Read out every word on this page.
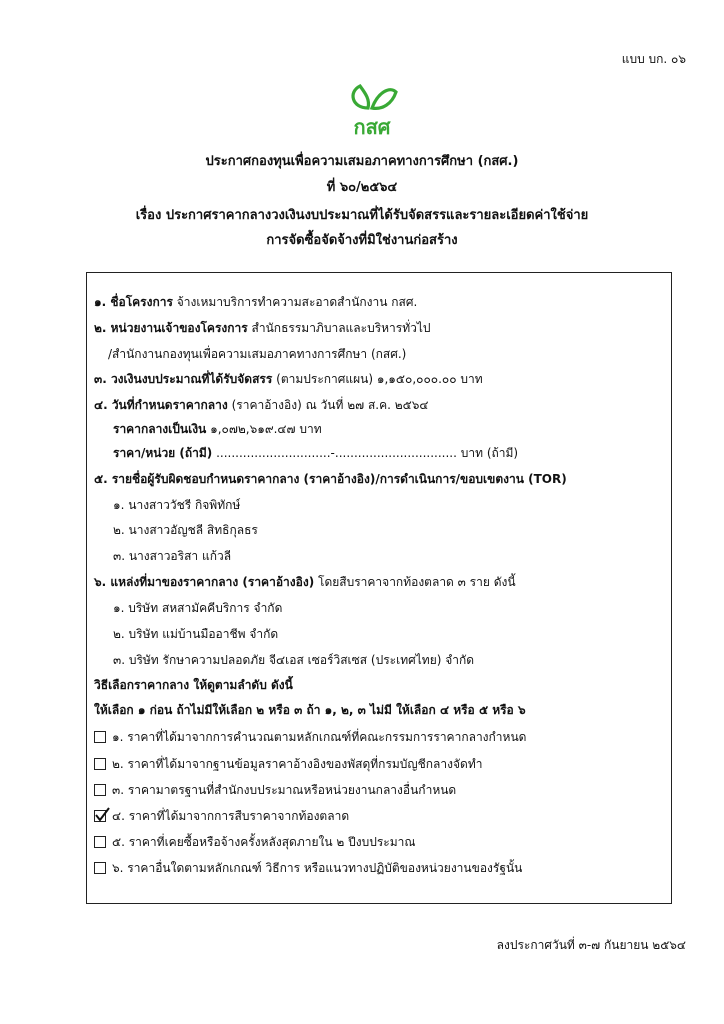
แบบ บก. ๐๖
กสศ
ประกาศกองทุนเพื่อความเสมอภาคทางการศึกษา (กสศ.)
ที่ ๖๐/๒๕๖๔
เรื่อง ประกาศราคากลางวงเงินงบประมาณที่ได้รับจัดสรรและรายละเอียดค่าใช้จ่าย
การจัดซื้อจัดจ้างที่มิใช่งานก่อสร้าง
๑. ชื่อโครงการ จ้างเหมาบริการทำความสะอาดสำนักงาน กสศ.
๒. หน่วยงานเจ้าของโครงการ สำนักธรรมาภิบาลและบริหารทั่วไป
/สำนักงานกองทุนเพื่อความเสมอภาคทางการศึกษา (กสศ.)
๓. วงเงินงบประมาณที่ได้รับจัดสรร (ตามประกาศแผน) ๑,๑๕๐,๐๐๐.๐๐ บาท
๔. วันที่กำหนดราคากลาง (ราคาอ้างอิง) ณ วันที่ ๒๗ ส.ค. ๒๕๖๔
ราคากลางเป็นเงิน ๑,๐๗๒,๖๑๙.๔๗ บาท
ราคา/หน่วย (ถ้ามี) ..............................-................................ บาท (ถ้ามี)
๕. รายชื่อผู้รับผิดชอบกำหนดราคากลาง (ราคาอ้างอิง)/การดำเนินการ/ขอบเขตงาน (TOR)
๑. นางสาววัชรี กิจพิทักษ์
๒. นางสาวอัญชลี สิทธิกุลธร
๓. นางสาวอริสา แก้วลี
๖. แหล่งที่มาของราคากลาง (ราคาอ้างอิง) โดยสืบราคาจากท้องตลาด ๓ ราย ดังนี้
๑. บริษัท สหสามัคคีบริการ จำกัด
๒. บริษัท แม่บ้านมืออาชีพ จำกัด
๓. บริษัท รักษาความปลอดภัย จี๔เอส เซอร์วิสเซส (ประเทศไทย) จำกัด
วิธีเลือกราคากลาง ให้ดูตามลำดับ ดังนี้
ให้เลือก ๑ ก่อน ถ้าไม่มีให้เลือก ๒ หรือ ๓ ถ้า ๑, ๒, ๓ ไม่มี ให้เลือก ๔ หรือ ๕ หรือ ๖
๑. ราคาที่ได้มาจากการคำนวณตามหลักเกณฑ์ที่คณะกรรมการราคากลางกำหนด
๒. ราคาที่ได้มาจากฐานข้อมูลราคาอ้างอิงของพัสดุที่กรมบัญชีกลางจัดทำ
๓. ราคามาตรฐานที่สำนักงบประมาณหรือหน่วยงานกลางอื่นกำหนด
๔. ราคาที่ได้มาจากการสืบราคาจากท้องตลาด
๕. ราคาที่เคยซื้อหรือจ้างครั้งหลังสุดภายใน ๒ ปีงบประมาณ
๖. ราคาอื่นใดตามหลักเกณฑ์ วิธีการ หรือแนวทางปฏิบัติของหน่วยงานของรัฐนั้น
ลงประกาศวันที่ ๓-๗ กันยายน ๒๕๖๔
